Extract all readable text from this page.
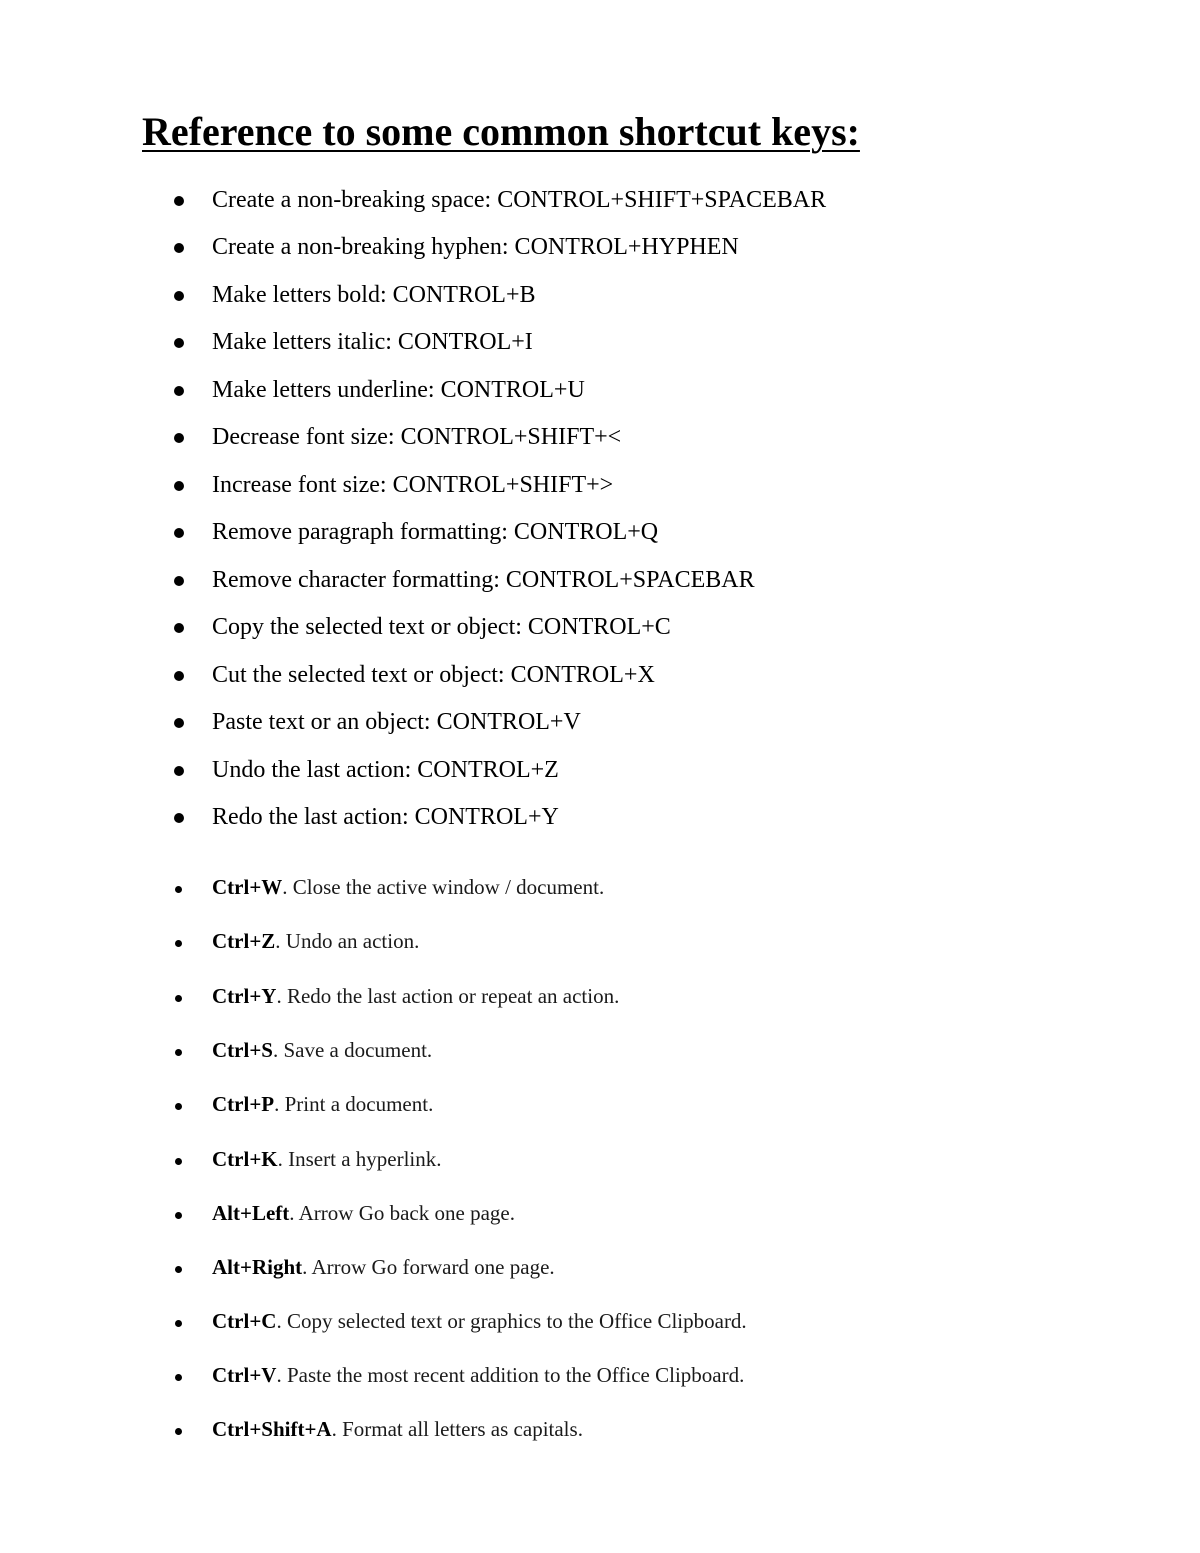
Reference to some common shortcut keys:
Create a non-breaking space: CONTROL+SHIFT+SPACEBAR
Create a non-breaking hyphen: CONTROL+HYPHEN
Make letters bold: CONTROL+B
Make letters italic: CONTROL+I
Make letters underline: CONTROL+U
Decrease font size: CONTROL+SHIFT+<
Increase font size: CONTROL+SHIFT+>
Remove paragraph formatting: CONTROL+Q
Remove character formatting: CONTROL+SPACEBAR
Copy the selected text or object: CONTROL+C
Cut the selected text or object: CONTROL+X
Paste text or an object: CONTROL+V
Undo the last action: CONTROL+Z
Redo the last action: CONTROL+Y
Ctrl+W. Close the active window / document.
Ctrl+Z. Undo an action.
Ctrl+Y. Redo the last action or repeat an action.
Ctrl+S. Save a document.
Ctrl+P. Print a document.
Ctrl+K. Insert a hyperlink.
Alt+Left. Arrow Go back one page.
Alt+Right. Arrow Go forward one page.
Ctrl+C. Copy selected text or graphics to the Office Clipboard.
Ctrl+V. Paste the most recent addition to the Office Clipboard.
Ctrl+Shift+A. Format all letters as capitals.
